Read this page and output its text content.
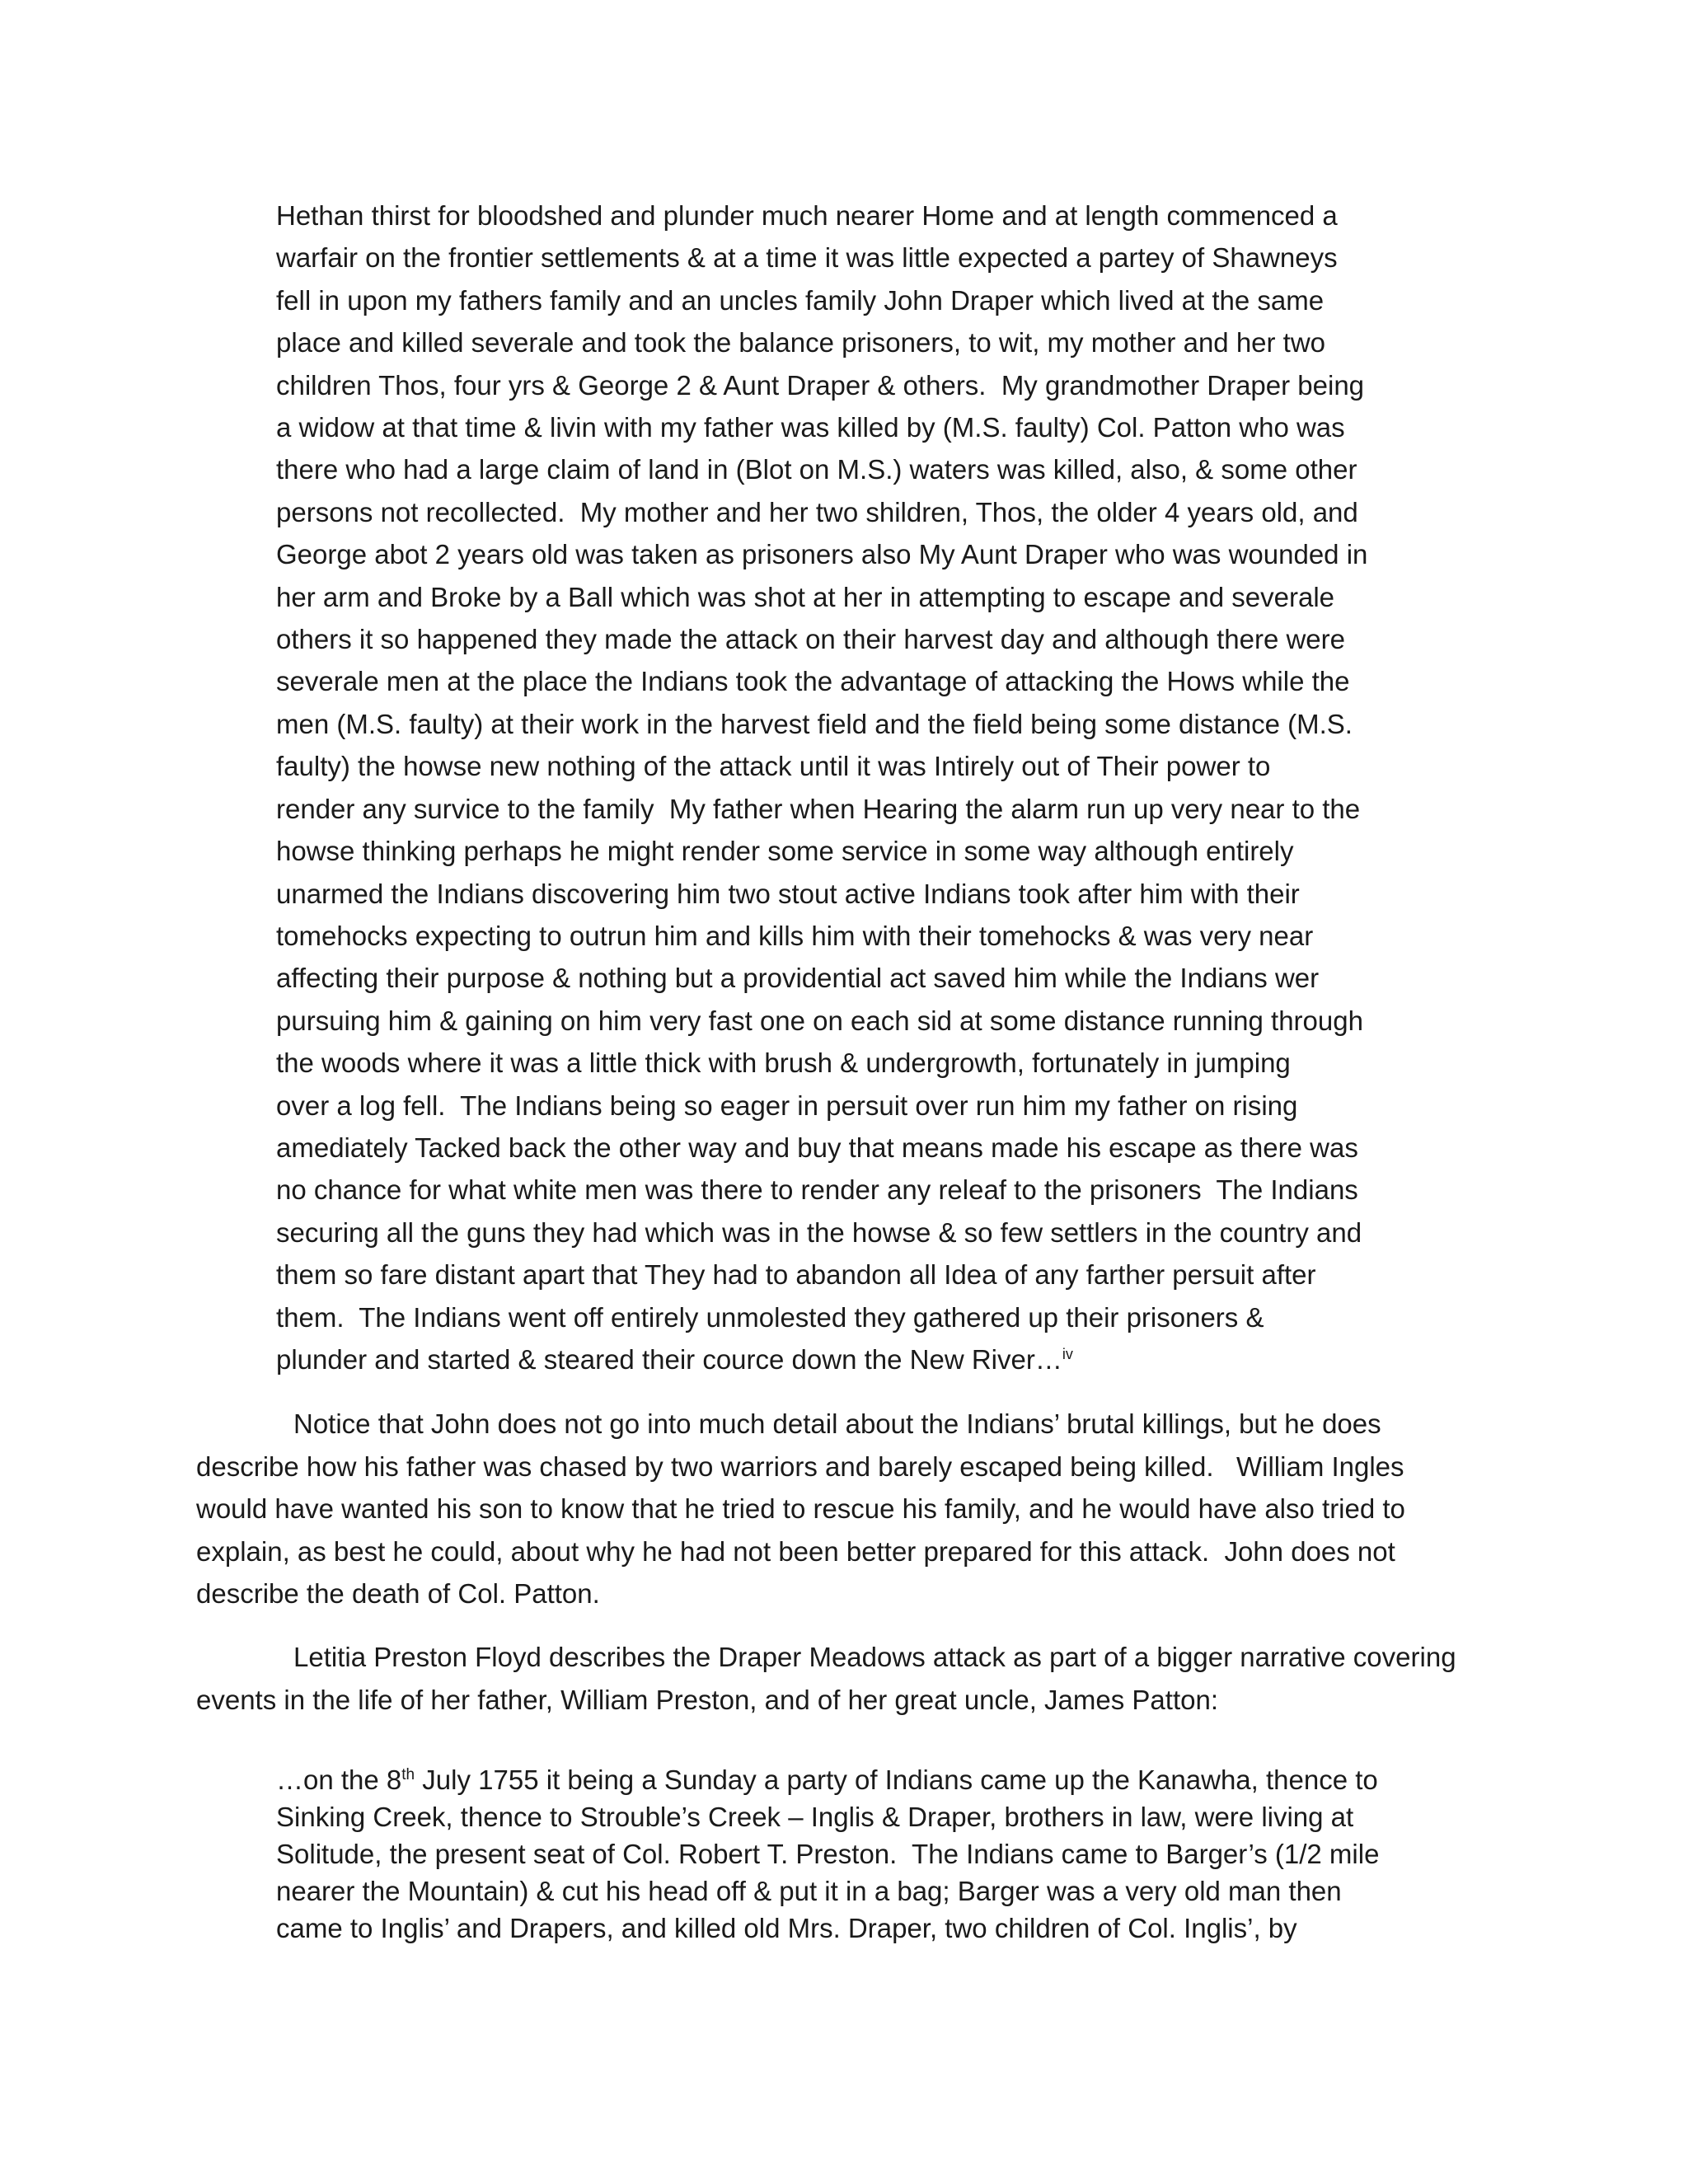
Hethan thirst for bloodshed and plunder much nearer Home and at length commenced a
warfair on the frontier settlements & at a time it was little expected a partey of Shawneys
fell in upon my fathers family and an uncles family John Draper which lived at the same
place and killed severale and took the balance prisoners, to wit, my mother and her two
children Thos, four yrs & George 2 & Aunt Draper & others.  My grandmother Draper being
a widow at that time & livin with my father was killed by (M.S. faulty) Col. Patton who was
there who had a large claim of land in (Blot on M.S.) waters was killed, also, & some other
persons not recollected.  My mother and her two shildren, Thos, the older 4 years old, and
George abot 2 years old was taken as prisoners also My Aunt Draper who was wounded in
her arm and Broke by a Ball which was shot at her in attempting to escape and severale
others it so happened they made the attack on their harvest day and although there were
severale men at the place the Indians took the advantage of attacking the Hows while the
men (M.S. faulty) at their work in the harvest field and the field being some distance (M.S.
faulty) the howse new nothing of the attack until it was Intirely out of Their power to
render any survice to the family  My father when Hearing the alarm run up very near to the
howse thinking perhaps he might render some service in some way although entirely
unarmed the Indians discovering him two stout active Indians took after him with their
tomehocks expecting to outrun him and kills him with their tomehocks & was very near
affecting their purpose & nothing but a providential act saved him while the Indians wer
pursuing him & gaining on him very fast one on each sid at some distance running through
the woods where it was a little thick with brush & undergrowth, fortunately in jumping
over a log fell.  The Indians being so eager in persuit over run him my father on rising
amediately Tacked back the other way and buy that means made his escape as there was
no chance for what white men was there to render any releaf to the prisoners  The Indians
securing all the guns they had which was in the howse & so few settlers in the country and
them so fare distant apart that They had to abandon all Idea of any farther persuit after
them.  The Indians went off entirely unmolested they gathered up their prisoners &
plunder and started & steared their cource down the New River…$^{iv}$
Notice that John does not go into much detail about the Indians’ brutal killings, but he does
describe how his father was chased by two warriors and barely escaped being killed.   William Ingles
would have wanted his son to know that he tried to rescue his family, and he would have also tried to
explain, as best he could, about why he had not been better prepared for this attack.  John does not
describe the death of Col. Patton.
Letitia Preston Floyd describes the Draper Meadows attack as part of a bigger narrative covering
events in the life of her father, William Preston, and of her great uncle, James Patton:
…on the 8th July 1755 it being a Sunday a party of Indians came up the Kanawha, thence to
Sinking Creek, thence to Strouble’s Creek – Inglis & Draper, brothers in law, were living at
Solitude, the present seat of Col. Robert T. Preston.  The Indians came to Barger’s (1/2 mile
nearer the Mountain) & cut his head off & put it in a bag; Barger was a very old man then
came to Inglis’ and Drapers, and killed old Mrs. Draper, two children of Col. Inglis’, by
